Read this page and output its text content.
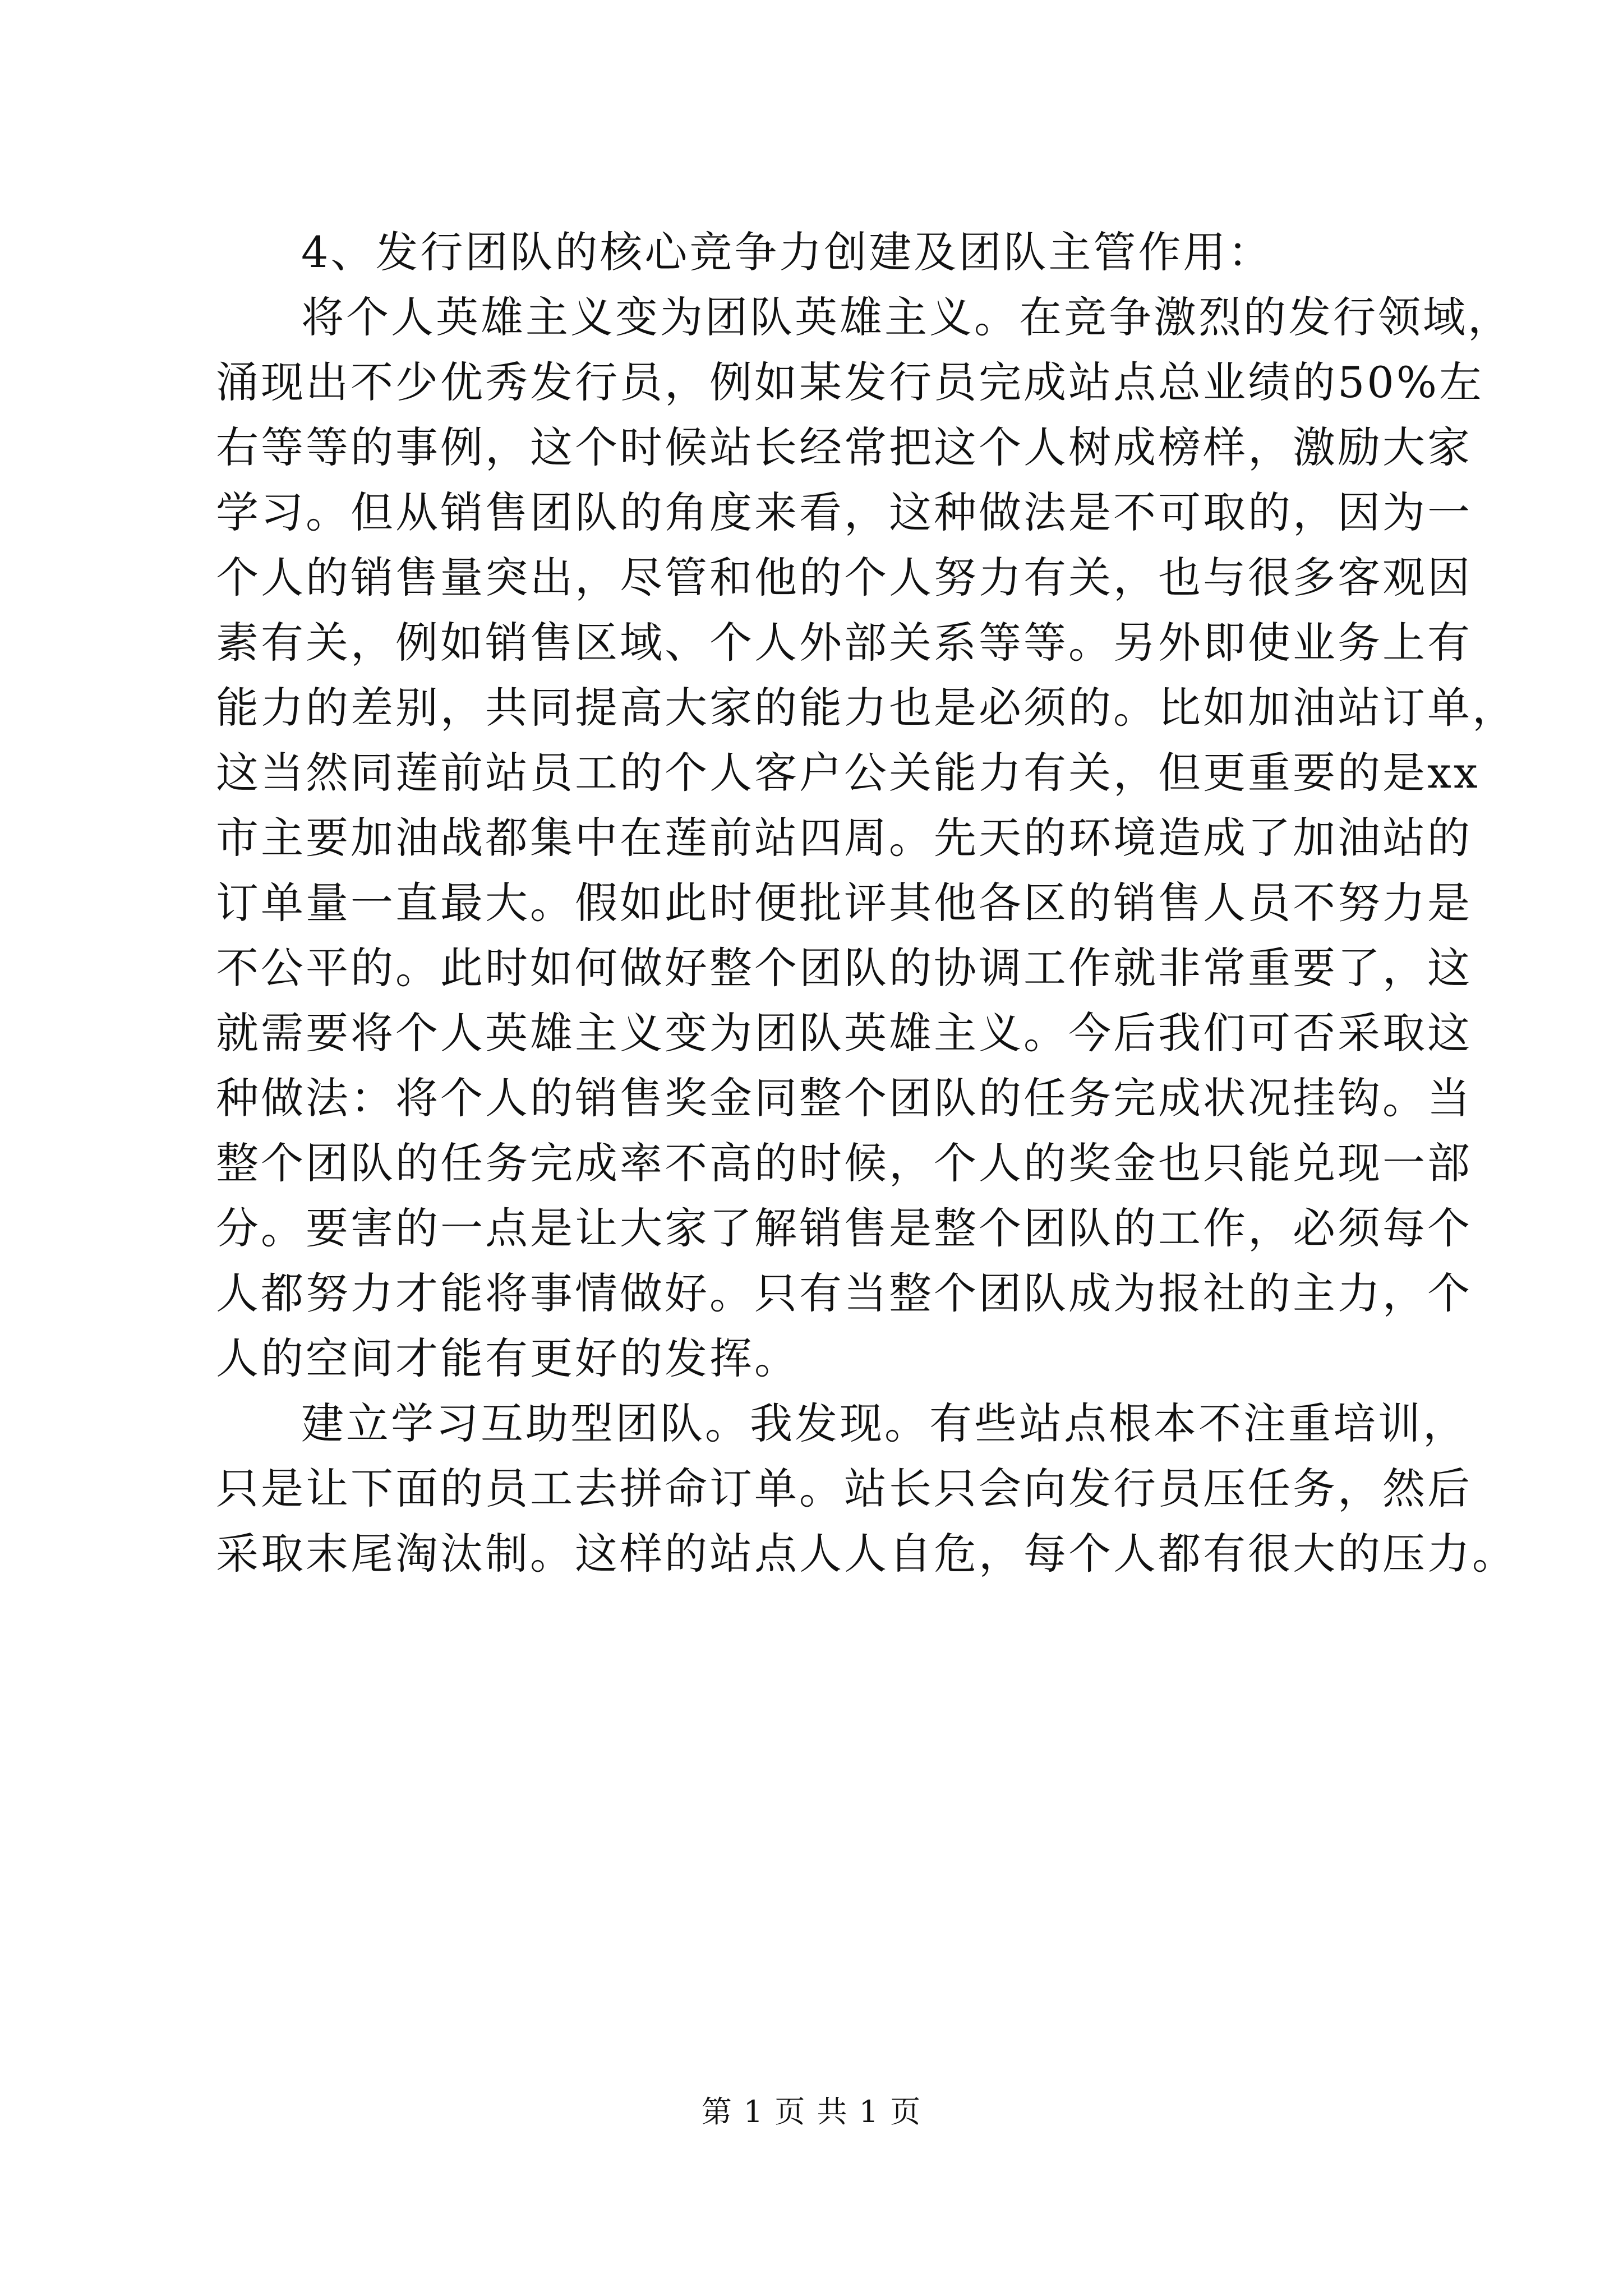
4、发行团队的核心竞争力创建及团队主管作用：
将个人英雄主义变为团队英雄主义。在竞争激烈的发行领域，
涌现出不少优秀发行员，例如某发行员完成站点总业绩的50%左
右等等的事例，这个时候站长经常把这个人树成榜样，激励大家
学习。但从销售团队的角度来看，这种做法是不可取的，因为一
个人的销售量突出，尽管和他的个人努力有关，也与很多客观因
素有关，例如销售区域、个人外部关系等等。另外即使业务上有
能力的差别，共同提高大家的能力也是必须的。比如加油站订单，
这当然同莲前站员工的个人客户公关能力有关，但更重要的是xx
市主要加油战都集中在莲前站四周。先天的环境造成了加油站的
订单量一直最大。假如此时便批评其他各区的销售人员不努力是
不公平的。此时如何做好整个团队的协调工作就非常重要了，这
就需要将个人英雄主义变为团队英雄主义。今后我们可否采取这
种做法：将个人的销售奖金同整个团队的任务完成状况挂钩。当
整个团队的任务完成率不高的时候，个人的奖金也只能兑现一部
分。要害的一点是让大家了解销售是整个团队的工作，必须每个
人都努力才能将事情做好。只有当整个团队成为报社的主力，个
人的空间才能有更好的发挥。
建立学习互助型团队。我发现。有些站点根本不注重培训，
只是让下面的员工去拼命订单。站长只会向发行员压任务，然后
采取末尾淘汰制。这样的站点人人自危，每个人都有很大的压力。
第 1 页 共 1 页
